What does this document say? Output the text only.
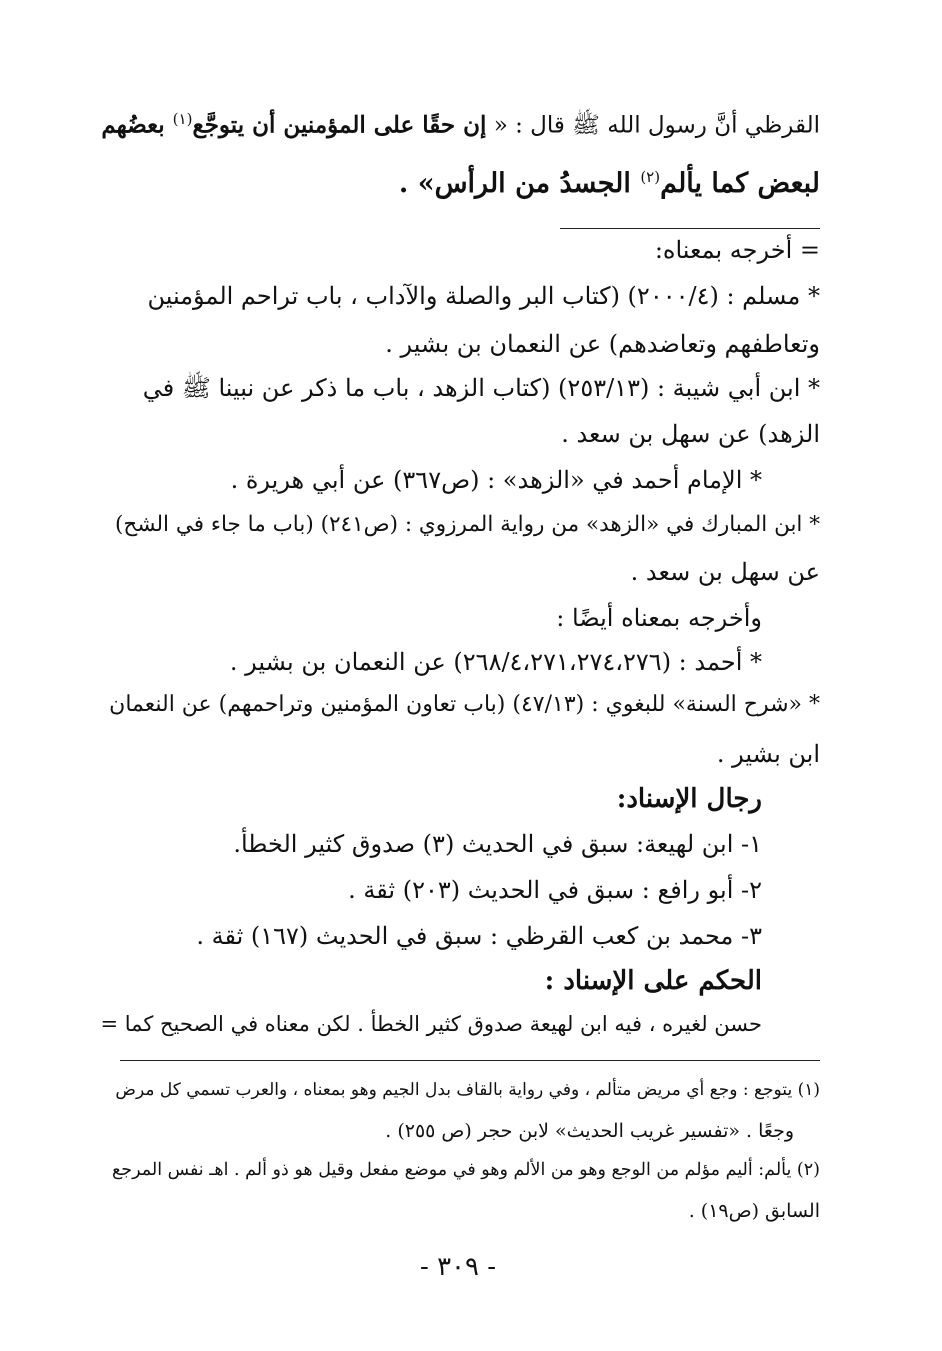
القرظي أنَّ رسول الله ﷺ قال : « إن حقًا على المؤمنين أن يتوجَّع$^{(١)}$ بعضُهم
لبعض كما يألم$^{(٢)}$ الجسدُ من الرأس» .
= أخرجه بمعناه:
* مسلم : (٢٠٠٠/٤) (كتاب البر والصلة والآداب ، باب تراحم المؤمنين
وتعاطفهم وتعاضدهم) عن النعمان بن بشير .
* ابن أبي شيبة : (٢٥٣/١٣) (كتاب الزهد ، باب ما ذكر عن نبينا ﷺ في
الزهد) عن سهل بن سعد .
* الإمام أحمد في «الزهد» : (ص٣٦٧) عن أبي هريرة .
* ابن المبارك في «الزهد» من رواية المرزوي : (ص٢٤١) (باب ما جاء في الشح)
عن سهل بن سعد .
وأخرجه بمعناه أيضًا :
* أحمد : (٢٦٨/٤،٢٧١،٢٧٤،٢٧٦) عن النعمان بن بشير .
* «شرح السنة» للبغوي : (٤٧/١٣) (باب تعاون المؤمنين وتراحمهم) عن النعمان
ابن بشير .
رجال الإسناد:
١- ابن لهيعة: سبق في الحديث (٣) صدوق كثير الخطأ.
٢- أبو رافع : سبق في الحديث (٢٠٣) ثقة .
٣- محمد بن كعب القرظي : سبق في الحديث (١٦٧) ثقة .
الحكم على الإسناد :
حسن لغيره ، فيه ابن لهيعة صدوق كثير الخطأ . لكن معناه في الصحيح كما =
(١) يتوجع : وجع أي مريض متألم ، وفي رواية بالقاف بدل الجيم وهو بمعناه ، والعرب تسمي كل مرض
وجعًا . «تفسير غريب الحديث» لابن حجر (ص ٢٥٥) .
(٢) يألم: أليم مؤلم من الوجع وهو من الألم وهو في موضع مفعل وقيل هو ذو ألم . اهـ نفس المرجع
السابق (ص١٩) .
- ٣٠٩ -
